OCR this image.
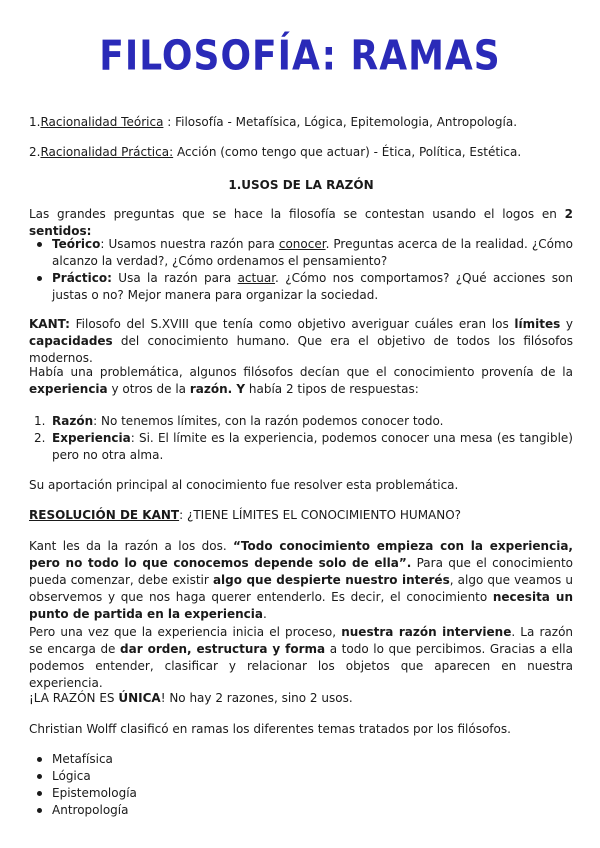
FILOSOFÍA: RAMAS

1.Racionalidad Teórica : Filosofía - Metafísica, Lógica, Epitemologia, Antropología.

2.Racionalidad Práctica: Acción (como tengo que actuar) - Ética, Política, Estética.

1.USOS DE LA RAZÓN

Las grandes preguntas que se hace la filosofía se contestan usando el logos en 2 sentidos:

Teórico: Usamos nuestra razón para conocer. Preguntas acerca de la realidad. ¿Cómo alcanzo la verdad?, ¿Cómo ordenamos el pensamiento?
Práctico: Usa la razón para actuar. ¿Cómo nos comportamos? ¿Qué acciones son justas o no? Mejor manera para organizar la sociedad.

KANT: Filosofo del S.XVIII que tenía como objetivo averiguar cuáles eran los límites y capacidades del conocimiento humano. Que era el objetivo de todos los filósofos modernos.

Había una problemática, algunos filósofos decían que el conocimiento provenía de la experiencia y otros de la razón. Y había 2 tipos de respuestas:

1. Razón: No tenemos límites, con la razón podemos conocer todo.
2. Experiencia: Si. El límite es la experiencia, podemos conocer una mesa (es tangible) pero no otra alma.

Su aportación principal al conocimiento fue resolver esta problemática.

RESOLUCIÓN DE KANT: ¿TIENE LÍMITES EL CONOCIMIENTO HUMANO?

Kant les da la razón a los dos. “Todo conocimiento empieza con la experiencia, pero no todo lo que conocemos depende solo de ella”. Para que el conocimiento pueda comenzar, debe existir algo que despierte nuestro interés, algo que veamos u observemos y que nos haga querer entenderlo. Es decir, el conocimiento necesita un punto de partida en la experiencia.

Pero una vez que la experiencia inicia el proceso, nuestra razón interviene. La razón se encarga de dar orden, estructura y forma a todo lo que percibimos. Gracias a ella podemos entender, clasificar y relacionar los objetos que aparecen en nuestra experiencia.

¡LA RAZÓN ES ÚNICA! No hay 2 razones, sino 2 usos.

Christian Wolff clasificó en ramas los diferentes temas tratados por los filósofos.

Metafísica
Lógica
Epistemología
Antropología
